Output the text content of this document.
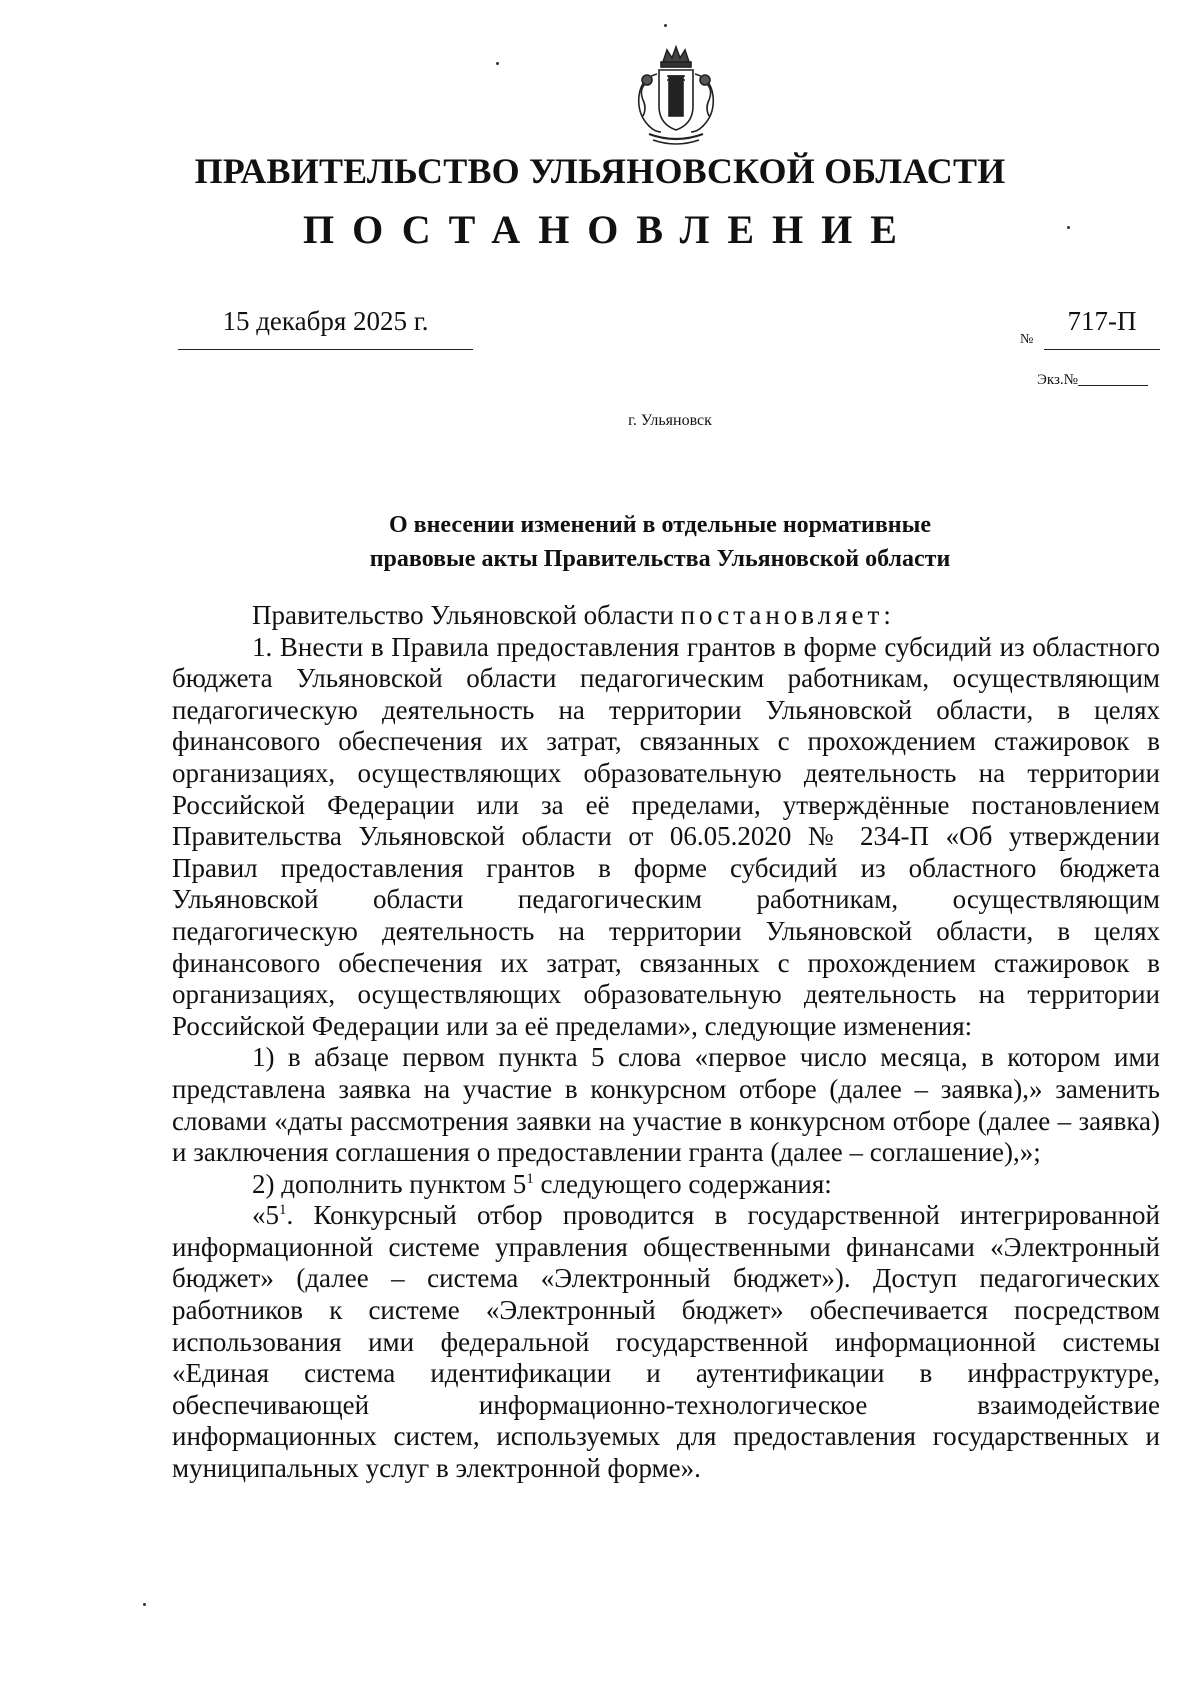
ПРАВИТЕЛЬСТВО УЛЬЯНОВСКОЙ ОБЛАСТИ
ПОСТАНОВЛЕНИЕ
15 декабря 2025 г.
№
717-П
Экз.№
г. Ульяновск
О внесении изменений в отдельные нормативные
правовые акты Правительства Ульяновской области

Правительство Ульяновской области постановляет:

1. Внести в Правила предоставления грантов в форме субсидий из областного бюджета Ульяновской области педагогическим работникам, осуществляющим педагогическую деятельность на территории Ульяновской области, в целях финансового обеспечения их затрат, связанных с прохождением стажировок в организациях, осуществляющих образовательную деятельность на территории Российской Федерации или за её пределами, утверждённые постановлением Правительства Ульяновской области от 06.05.2020 № 234-П «Об утверждении Правил предоставления грантов в форме субсидий из областного бюджета Ульяновской области педагогическим работникам, осуществляющим педагогическую деятельность на территории Ульяновской области, в целях финансового обеспечения их затрат, связанных с прохождением стажировок в организациях, осуществляющих образовательную деятельность на территории Российской Федерации или за её пределами», следующие изменения:

1) в абзаце первом пункта 5 слова «первое число месяца, в котором ими представлена заявка на участие в конкурсном отборе (далее – заявка),» заменить словами «даты рассмотрения заявки на участие в конкурсном отборе (далее – заявка) и заключения соглашения о предоставлении гранта (далее – соглашение),»;

2) дополнить пунктом $5^1$ следующего содержания:

«$5^1$. Конкурсный отбор проводится в государственной интегрированной информационной системе управления общественными финансами «Электронный бюджет» (далее – система «Электронный бюджет»). Доступ педагогических работников к системе «Электронный бюджет» обеспечивается посредством использования ими федеральной государственной информационной системы «Единая система идентификации и аутентификации в инфраструктуре, обеспечивающей информационно-технологическое взаимодействие информационных систем, используемых для предоставления государственных и муниципальных услуг в электронной форме».
